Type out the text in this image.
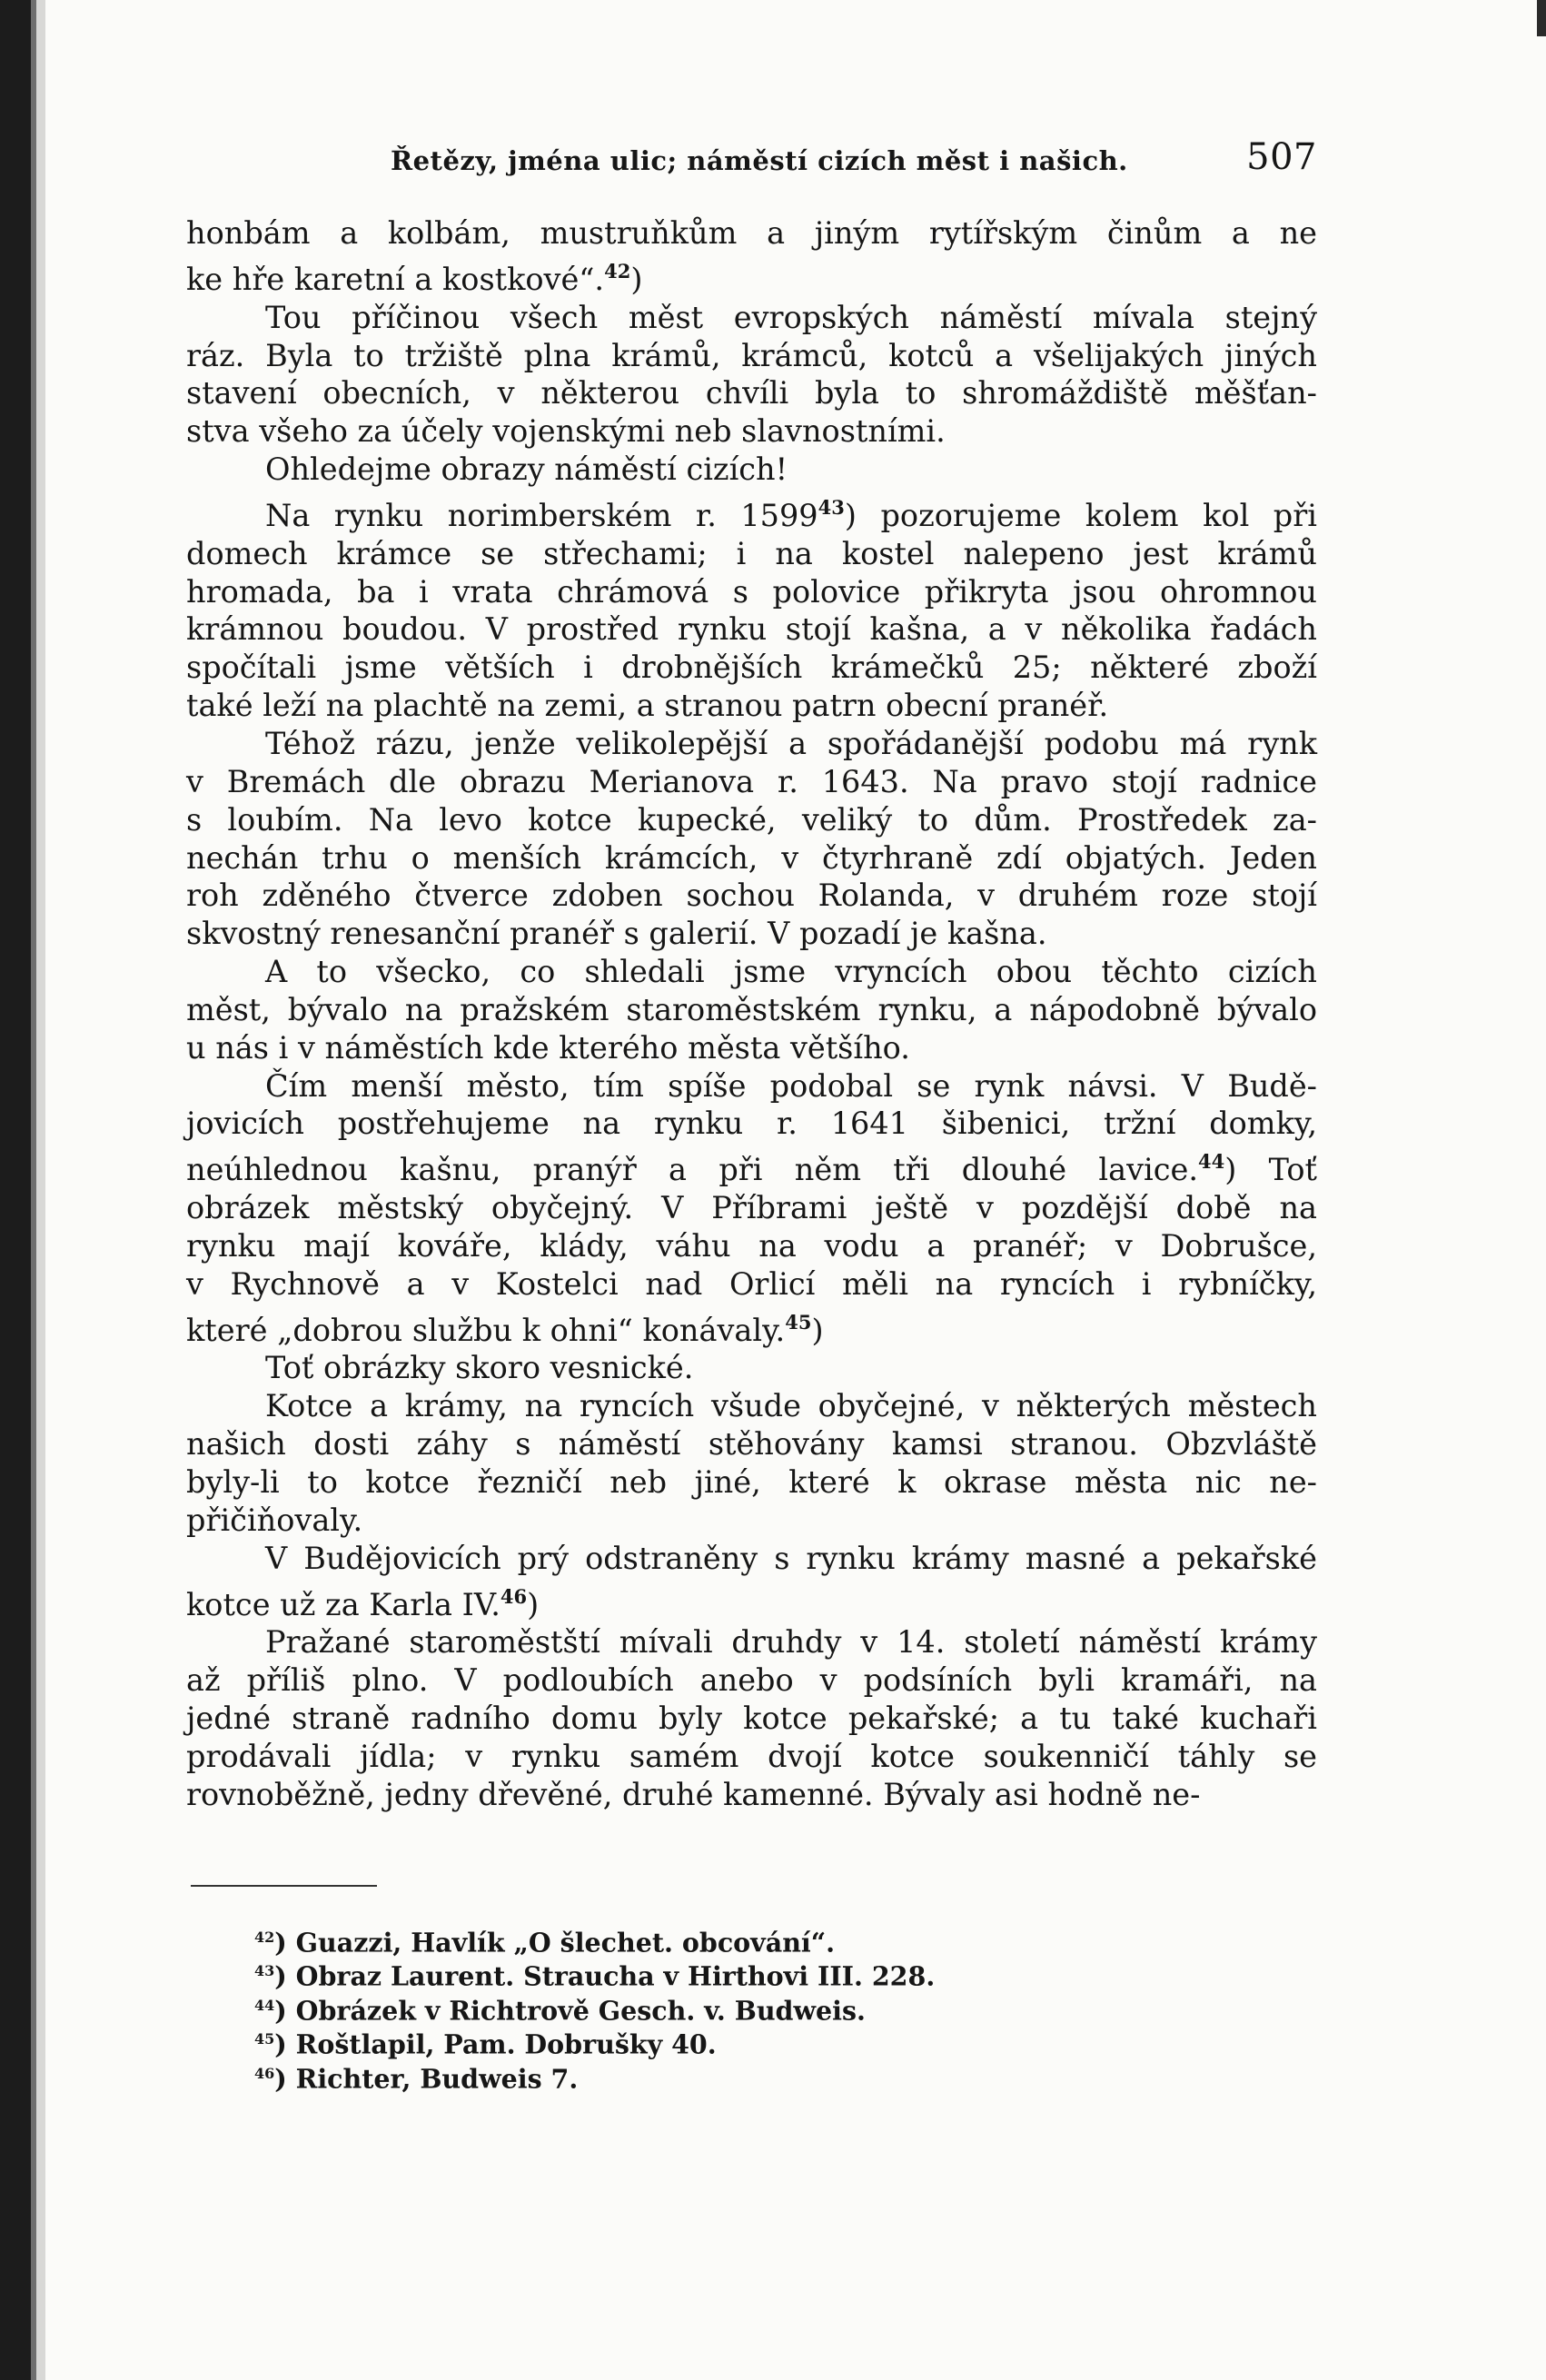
Řetězy, jména ulic; náměstí cizích měst i našich.	507

honbám a kolbám, mustruňkům a jiným rytířským činům a ne
ke hře karetní a kostkové“.$^{42}$)

Tou příčinou všech měst evropských náměstí mívala stejný
ráz. Byla to tržiště plna krámů, krámců, kotců a všelijakých jiných
stavení obecních, v některou chvíli byla to shromáždiště měšťan-
stva všeho za účely vojenskými neb slavnostními.

Ohledejme obrazy náměstí cizích!

Na rynku norimberském r. 1599$^{43}$) pozorujeme kolem kol při
domech krámce se střechami; i na kostel nalepeno jest krámů
hromada, ba i vrata chrámová s polovice přikryta jsou ohromnou
krámnou boudou. V prostřed rynku stojí kašna, a v několika řadách
spočítali jsme větších i drobnějších krámečků 25; některé zboží
také leží na plachtě na zemi, a stranou patrn obecní pranéř.

Téhož rázu, jenže velikolepější a spořádanější podobu má rynk
v Bremách dle obrazu Merianova r. 1643. Na pravo stojí radnice
s loubím. Na levo kotce kupecké, veliký to dům. Prostředek za-
nechán trhu o menších krámcích, v čtyrhraně zdí objatých. Jeden
roh zděného čtverce zdoben sochou Rolanda, v druhém roze stojí
skvostný renesanční pranéř s galerií. V pozadí je kašna.

A to všecko, co shledali jsme vryncích obou těchto cizích
měst, bývalo na pražském staroměstském rynku, a nápodobně bývalo
u nás i v náměstích kde kterého města většího.

Čím menší město, tím spíše podobal se rynk návsi. V Budě-
jovicích postřehujeme na rynku r. 1641 šibenici, tržní domky,
neúhlednou kašnu, pranýř a při něm tři dlouhé lavice.$^{44}$) Toť
obrázek městský obyčejný. V Příbrami ještě v pozdější době na
rynku mají kováře, klády, váhu na vodu a pranéř; v Dobrušce,
v Rychnově a v Kostelci nad Orlicí měli na ryncích i rybníčky,
které „dobrou službu k ohni“ konávaly.$^{45}$)

Toť obrázky skoro vesnické.

Kotce a krámy, na ryncích všude obyčejné, v některých městech
našich dosti záhy s náměstí stěhovány kamsi stranou. Obzvláště
byly-li to kotce řezničí neb jiné, které k okrase města nic ne-
přičiňovaly.

V Budějovicích prý odstraněny s rynku krámy masné a pekařské
kotce už za Karla IV.$^{46}$)

Pražané staroměstští mívali druhdy v 14. století náměstí krámy
až příliš plno. V podloubích anebo v podsíních byli kramáři, na
jedné straně radního domu byly kotce pekařské; a tu také kuchaři
prodávali jídla; v rynku samém dvojí kotce soukenničí táhly se
rovnoběžně, jedny dřevěné, druhé kamenné. Bývaly asi hodně ne-

$^{42}$) Guazzi, Havlík „O šlechet. obcování“.
$^{43}$) Obraz Laurent. Straucha v Hirthovi III. 228.
$^{44}$) Obrázek v Richtrově Gesch. v. Budweis.
$^{45}$) Roštlapil, Pam. Dobrušky 40.
$^{46}$) Richter, Budweis 7.
